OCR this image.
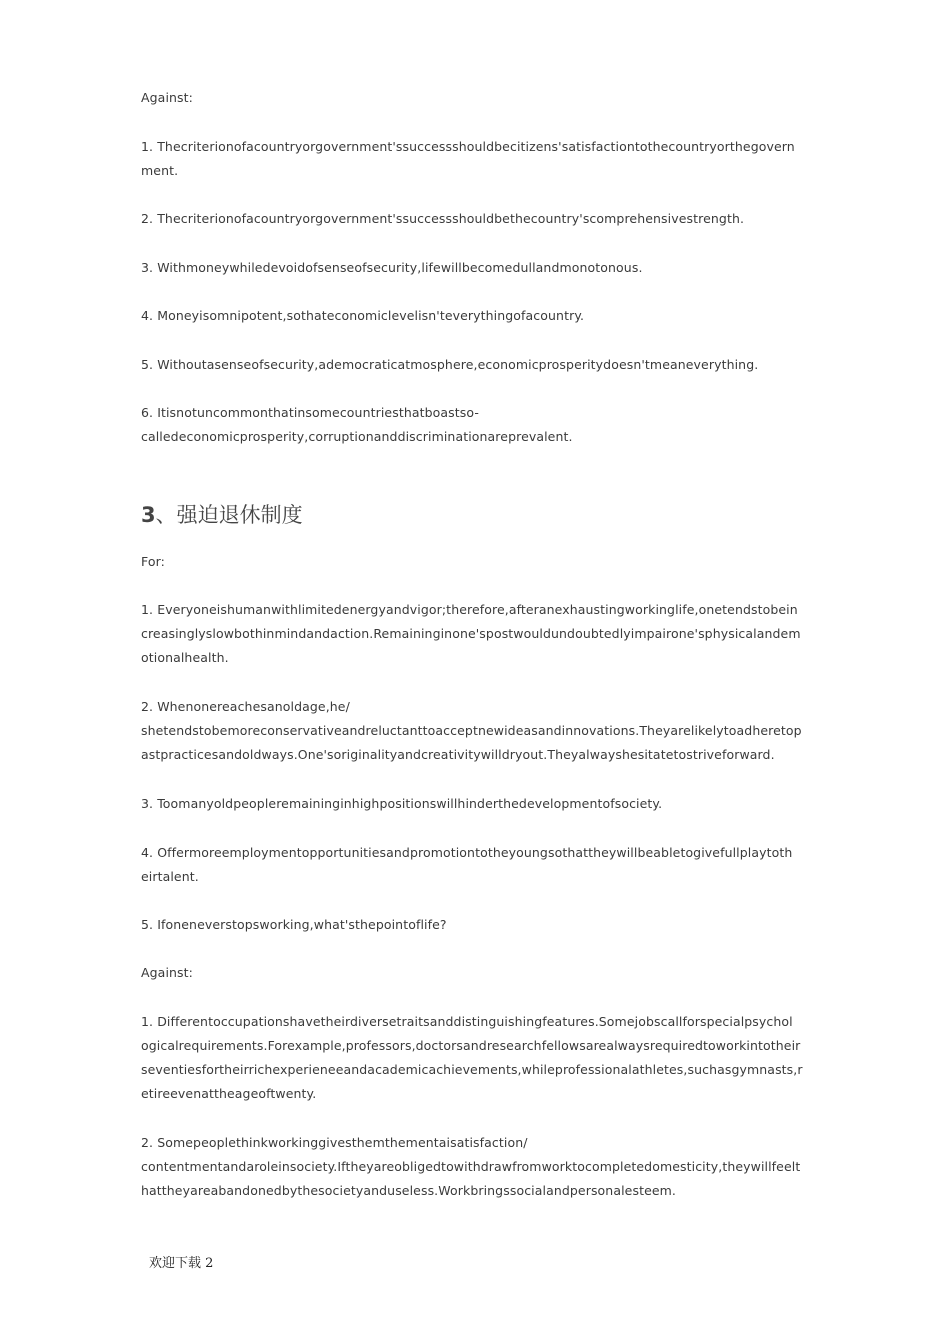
Against:
1. Thecriterionofacountryorgovernment'ssuccessshouldbecitizens'satisfactiontothecountryorthegovern
ment.
2. Thecriterionofacountryorgovernment'ssuccessshouldbethecountry'scomprehensivestrength.
3. Withmoneywhiledevoidofsenseofsecurity,lifewillbecomedullandmonotonous.
4. Moneyisomnipotent,sothateconomiclevelisn'teverythingofacountry.
5. Withoutasenseofsecurity,ademocraticatmosphere,economicprosperitydoesn'tmeaneverything.
6. Itisnotuncommonthatinsomecountriesthatboastso-
calledeconomicprosperity,corruptionanddiscriminationareprevalent.
3、强迫退休制度
For:
1. Everyoneishumanwithlimitedenergyandvigor;therefore,afteranexhaustingworkinglife,onetendstobein
creasinglyslowbothinmindandaction.Remaininginone'spostwouldundoubtedlyimpairone'sphysicalandem
otionalhealth.
2. Whenonereachesanoldage,he/
shetendstobemoreconservativeandreluctanttoacceptnewideasandinnovations.Theyarelikelytoadheretop
astpracticesandoldways.One'soriginalityandcreativitywilldryout.Theyalwayshesitatetostriveforward.
3. Toomanyoldpeopleremaininginhighpositionswillhinderthedevelopmentofsociety.
4. Offermoreemploymentopportunitiesandpromotiontotheyoungsothattheywillbeabletogivefullplaytoth
eirtalent.
5. Ifoneneverstopsworking,what'sthepointoflife?
Against:
1. Differentoccupationshavetheirdiversetraitsanddistinguishingfeatures.Somejobscallforspecialpsychol
ogicalrequirements.Forexample,professors,doctorsandresearchfellowsarealwaysrequiredtoworkintotheir
seventiesfortheirrichexperieneeandacademicachievements,whileprofessionalathletes,suchasgymnasts,r
etireevenattheageoftwenty.
2. Somepeoplethinkworkinggivesthemthementaisatisfaction/
contentmentandaroleinsociety.Iftheyareobligedtowithdrawfromworktocompletedomesticity,theywillfeelt
hattheyareabandonedbythesocietyanduseless.Workbringssocialandpersonalesteem.
欢迎下载 2
